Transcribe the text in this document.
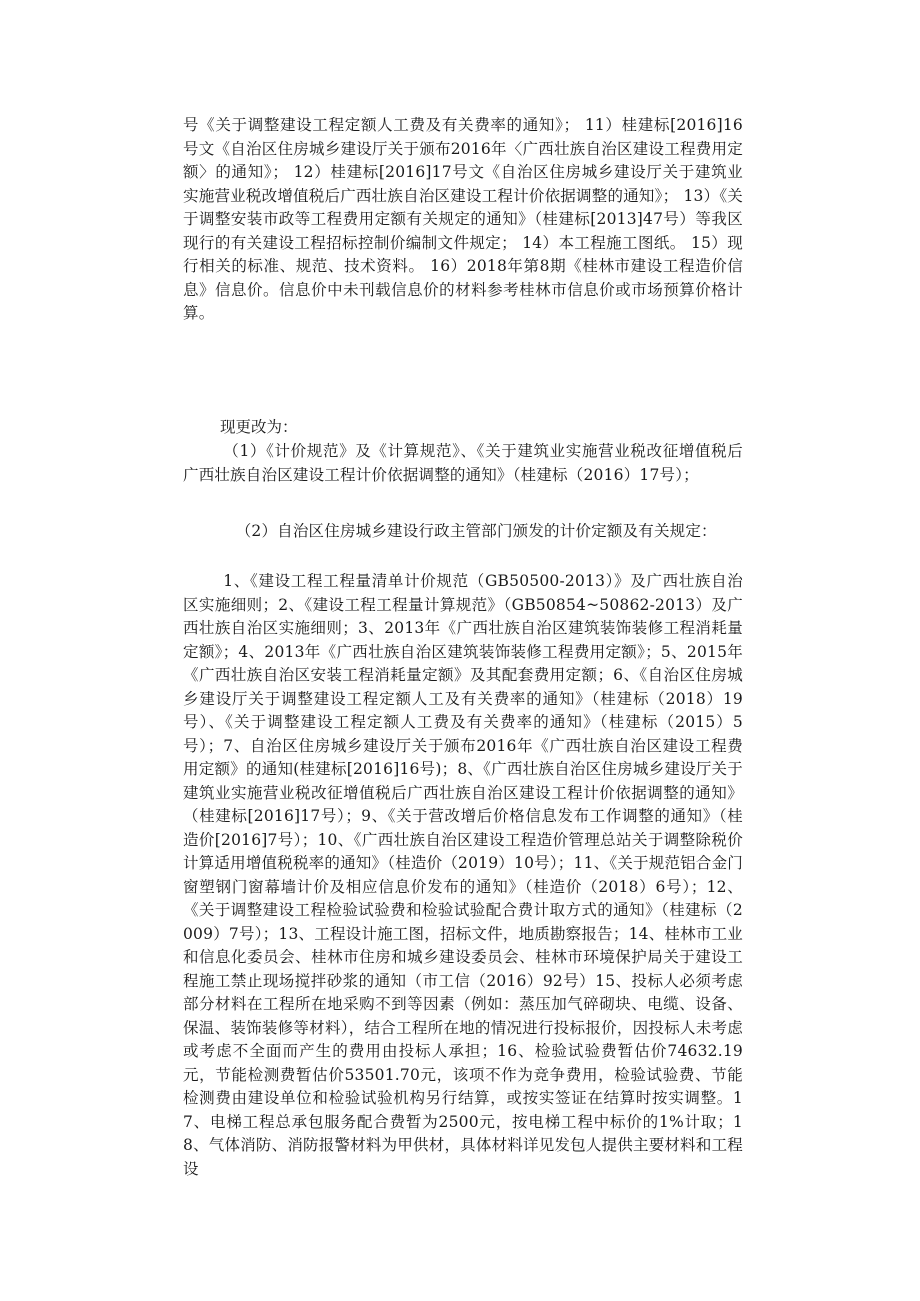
号《关于调整建设工程定额人工费及有关费率的通知》； 11）桂建标[2016]16号文《自治区住房城乡建设厅关于颁布2016年〈广西壮族自治区建设工程费用定额〉的通知》； 12）桂建标[2016]17号文《自治区住房城乡建设厅关于建筑业实施营业税改增值税后广西壮族自治区建设工程计价依据调整的通知》； 13）《关于调整安装市政等工程费用定额有关规定的通知》（桂建标[2013]47号）等我区现行的有关建设工程招标控制价编制文件规定； 14）本工程施工图纸。 15）现行相关的标准、规范、技术资料。 16）2018年第8期《桂林市建设工程造价信息》信息价。信息价中未刊载信息价的材料参考桂林市信息价或市场预算价格计算。

现更改为：

（1）《计价规范》及《计算规范》、《关于建筑业实施营业税改征增值税后广西壮族自治区建设工程计价依据调整的通知》（桂建标（2016）17号）；

（2）自治区住房城乡建设行政主管部门颁发的计价定额及有关规定：

1、《建设工程工程量清单计价规范（GB50500-2013）》及广西壮族自治区实施细则；2、《建设工程工程量计算规范》（GB50854~50862-2013）及广西壮族自治区实施细则；3、2013年《广西壮族自治区建筑装饰装修工程消耗量定额》；4、2013年《广西壮族自治区建筑装饰装修工程费用定额》；5、2015年《广西壮族自治区安装工程消耗量定额》及其配套费用定额；6、《自治区住房城乡建设厅关于调整建设工程定额人工及有关费率的通知》（桂建标（2018）19号）、《关于调整建设工程定额人工费及有关费率的通知》（桂建标（2015）5号）；7、自治区住房城乡建设厅关于颁布2016年《广西壮族自治区建设工程费用定额》的通知(桂建标[2016]16号)；8、《广西壮族自治区住房城乡建设厅关于建筑业实施营业税改征增值税后广西壮族自治区建设工程计价依据调整的通知》（桂建标[2016]17号）；9、《关于营改增后价格信息发布工作调整的通知》（桂造价[2016]7号）；10、《广西壮族自治区建设工程造价管理总站关于调整除税价计算适用增值税税率的通知》（桂造价（2019）10号）；11、《关于规范铝合金门窗塑钢门窗幕墙计价及相应信息价发布的通知》（桂造价（2018）6号）；12、《关于调整建设工程检验试验费和检验试验配合费计取方式的通知》（桂建标（2009）7号）；13、工程设计施工图，招标文件，地质勘察报告；14、桂林市工业和信息化委员会、桂林市住房和城乡建设委员会、桂林市环境保护局关于建设工程施工禁止现场搅拌砂浆的通知（市工信（2016）92号）15、投标人必须考虑部分材料在工程所在地采购不到等因素（例如：蒸压加气碎砌块、电缆、设备、保温、装饰装修等材料），结合工程所在地的情况进行投标报价，因投标人未考虑或考虑不全面而产生的费用由投标人承担；16、检验试验费暂估价74632.19元，节能检测费暂估价53501.70元，该项不作为竞争费用，检验试验费、节能检测费由建设单位和检验试验机构另行结算，或按实签证在结算时按实调整。17、电梯工程总承包服务配合费暂为2500元，按电梯工程中标价的1%计取；18、气体消防、消防报警材料为甲供材，具体材料详见发包人提供主要材料和工程设
